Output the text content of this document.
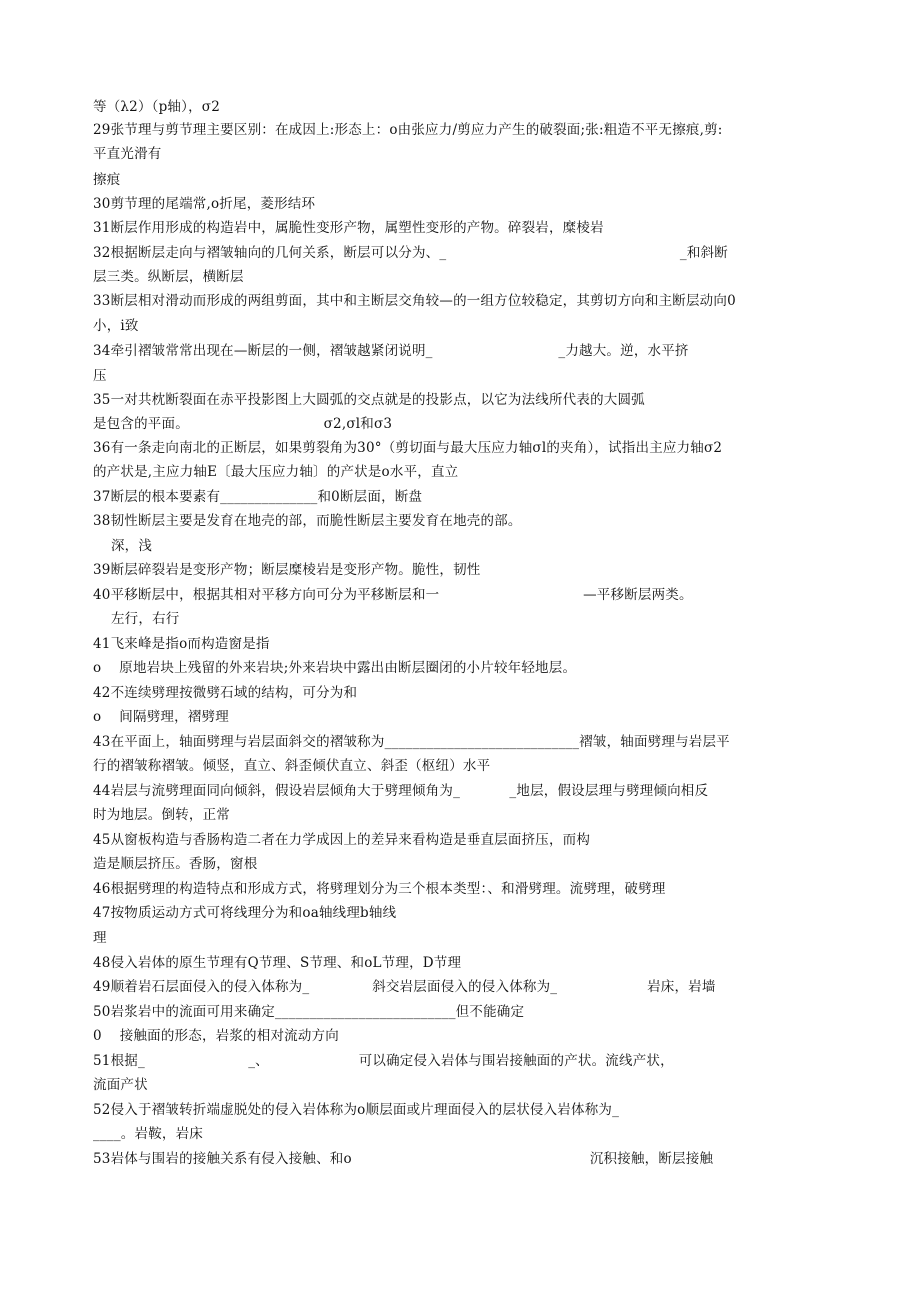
等（λ2）（p轴），σ2
29张节理与剪节理主要区别：在成因上:形态上：o由张应力/剪应力产生的破裂面;张:粗造不平无擦痕,剪:
平直光滑有
擦痕
30剪节理的尾端常,o折尾，菱形结环
31断层作用形成的构造岩中，属脆性变形产物，属塑性变形的产物。碎裂岩，糜棱岩
32根据断层走向与褶皱轴向的几何关系，断层可以分为、_                                                    _和斜断
层三类。纵断层，横断层
33断层相对滑动而形成的两组剪面，其中和主断层交角较—的一组方位较稳定，其剪切方向和主断层动向0
小，i致
34牵引褶皱常常出现在—断层的一侧，褶皱越紧闭说明_                            _力越大。逆，水平挤
压
35一对共枕断裂面在赤平投影图上大圆弧的交点就是的投影点，以它为法线所代表的大圆弧
是包含的平面。                              σ2,σl和σ3
36有一条走向南北的正断层，如果剪裂角为30°（剪切面与最大压应力轴σl的夹角），试指出主应力轴σ2
的产状是,主应力轴E〔最大压应力轴〕的产状是o水平，直立
37断层的根本要素有______________和0断层面，断盘
38韧性断层主要是发育在地壳的部，而脆性断层主要发育在地壳的部。
深，浅
39断层碎裂岩是变形产物；断层糜棱岩是变形产物。脆性，韧性
40平移断层中，根据其相对平移方向可分为平移断层和一                                —平移断层两类。
左行，右行
41飞来峰是指o而构造窗是指
o    原地岩块上残留的外来岩块;外来岩块中露出由断层圈闭的小片较年轻地层。
42不连续劈理按微劈石域的结构，可分为和
o    间隔劈理，褶劈理
43在平面上，轴面劈理与岩层面斜交的褶皱称为____________________________褶皱，轴面劈理与岩层平
行的褶皱称褶皱。倾竖，直立、斜歪倾伏直立、斜歪（枢纽）水平
44岩层与流劈理面同向倾斜，假设岩层倾角大于劈理倾角为_           _地层，假设层理与劈理倾向相反
时为地层。倒转，正常
45从窗板构造与香肠构造二者在力学成因上的差异来看构造是垂直层面挤压，而构
造是顺层挤压。香肠，窗根
46根据劈理的构造特点和形成方式，将劈理划分为三个根本类型：、和滑劈理。流劈理，破劈理
47按物质运动方式可将线理分为和oa轴线理b轴线
理
48侵入岩体的原生节理有Q节理、S节理、和oL节理，D节理
49顺着岩石层面侵入的侵入体称为_              斜交岩层面侵入的侵入体称为_                    岩床，岩墙
50岩浆岩中的流面可用来确定__________________________但不能确定
0    接触面的形态，岩浆的相对流动方向
51根据_                       _、                    可以确定侵入岩体与围岩接触面的产状。流线产状，
流面产状
52侵入于褶皱转折端虚脱处的侵入岩体称为o顺层面或片理面侵入的层状侵入岩体称为_
____。岩鞍，岩床
53岩体与围岩的接触关系有侵入接触、和o                                                     沉积接触，断层接触
